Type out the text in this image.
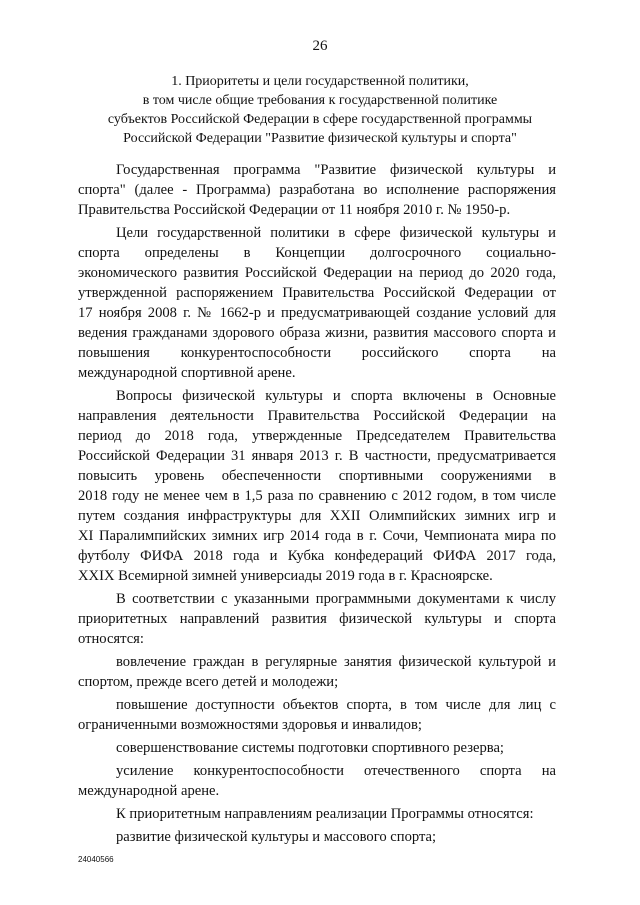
26
1. Приоритеты и цели государственной политики,
в том числе общие требования к государственной политике
субъектов Российской Федерации в сфере государственной программы
Российской Федерации "Развитие физической культуры и спорта"
Государственная программа "Развитие физической культуры и
спорта" (далее - Программа) разработана во исполнение распоряжения
Правительства Российской Федерации от 11 ноября 2010 г. № 1950-р.
Цели государственной политики в сфере физической культуры и
спорта определены в Концепции долгосрочного социально-
экономического развития Российской Федерации на период до 2020 года,
утвержденной распоряжением Правительства Российской Федерации от
17 ноября 2008 г. № 1662-р и предусматривающей создание условий для
ведения гражданами здорового образа жизни, развития массового спорта и
повышения конкурентоспособности российского спорта на
международной спортивной арене.
Вопросы физической культуры и спорта включены в Основные
направления деятельности Правительства Российской Федерации на
период до 2018 года, утвержденные Председателем Правительства
Российской Федерации 31 января 2013 г. В частности, предусматривается
повысить уровень обеспеченности спортивными сооружениями в
2018 году не менее чем в 1,5 раза по сравнению с 2012 годом, в том числе
путем создания инфраструктуры для XXII Олимпийских зимних игр и
XI Паралимпийских зимних игр 2014 года в г. Сочи, Чемпионата мира по
футболу ФИФА 2018 года и Кубка конфедераций ФИФА 2017 года,
XXIX Всемирной зимней универсиады 2019 года в г. Красноярске.
В соответствии с указанными программными документами к числу
приоритетных направлений развития физической культуры и спорта
относятся:
вовлечение граждан в регулярные занятия физической культурой и
спортом, прежде всего детей и молодежи;
повышение доступности объектов спорта, в том числе для лиц с
ограниченными возможностями здоровья и инвалидов;
совершенствование системы подготовки спортивного резерва;
усиление конкурентоспособности отечественного спорта на
международной арене.
К приоритетным направлениям реализации Программы относятся:
развитие физической культуры и массового спорта;
24040566
